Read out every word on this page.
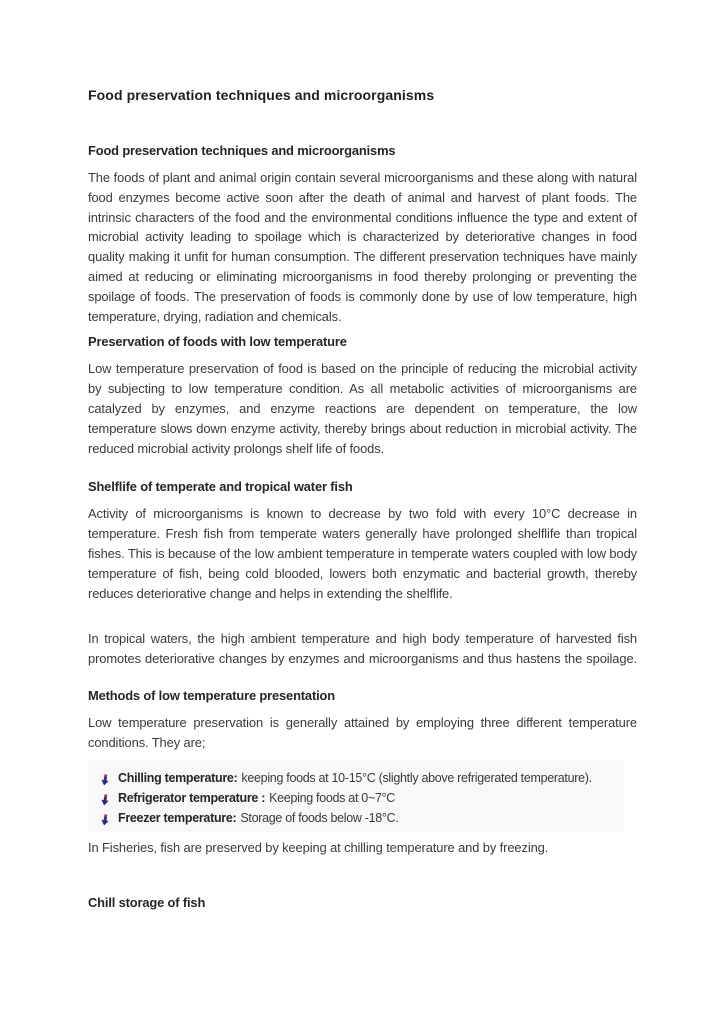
Food preservation techniques and microorganisms
Food preservation techniques and microorganisms

The foods of plant and animal origin contain several microorganisms and these along with natural food enzymes become active soon after the death of animal and harvest of plant foods. The intrinsic characters of the food and the environmental conditions influence the type and extent of microbial activity leading to spoilage which is characterized by deteriorative changes in food quality making it unfit for human consumption. The different preservation techniques have mainly aimed at reducing or eliminating microorganisms in food thereby prolonging or preventing the spoilage of foods. The preservation of foods is commonly done by use of low temperature, high temperature, drying, radiation and chemicals.

Preservation of foods with low temperature

Low temperature preservation of food is based on the principle of reducing the microbial activity by subjecting to low temperature condition. As all metabolic activities of microorganisms are catalyzed by enzymes, and enzyme reactions are dependent on temperature, the low temperature slows down enzyme activity, thereby brings about reduction in microbial activity. The reduced microbial activity prolongs shelf life of foods.

Shelflife of temperate and tropical water fish

Activity of microorganisms is known to decrease by two fold with every 10°C decrease in temperature. Fresh fish from temperate waters generally have prolonged shelflife than tropical fishes. This is because of the low ambient temperature in temperate waters coupled with low body temperature of fish, being cold blooded, lowers both enzymatic and bacterial growth, thereby reduces deteriorative change and helps in extending the shelflife.

In tropical waters, the high ambient temperature and high body temperature of harvested fish promotes deteriorative changes by enzymes and microorganisms and thus hastens the spoilage.

Methods of low temperature presentation

Low temperature preservation is generally attained by employing three different temperature conditions. They are;

Chilling temperature: keeping foods at 10-15°C (slightly above refrigerated temperature).
Refrigerator temperature : Keeping foods at 0~7°C
Freezer temperature: Storage of foods below -18°C.

In Fisheries, fish are preserved by keeping at chilling temperature and by freezing.

Chill storage of fish
